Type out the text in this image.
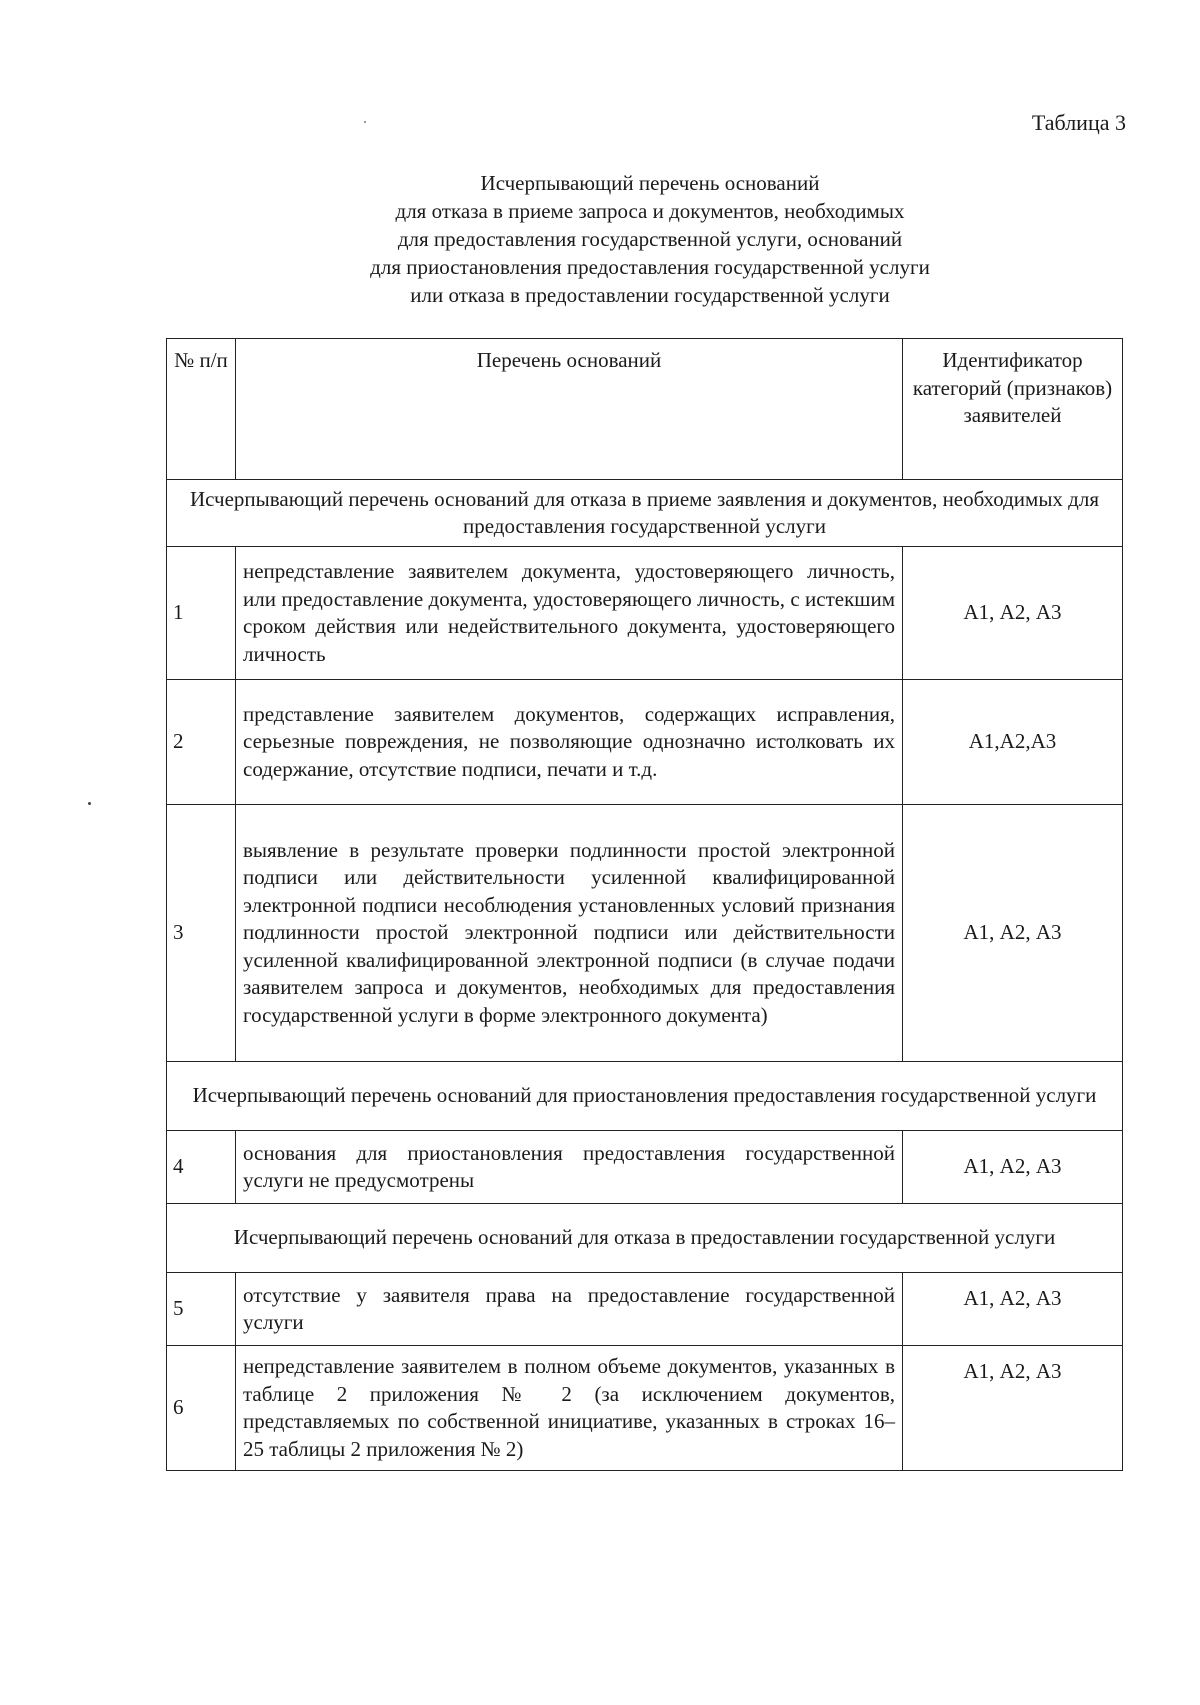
Таблица 3
Исчерпывающий перечень оснований
для отказа в приеме запроса и документов, необходимых
для предоставления государственной услуги, оснований
для приостановления предоставления государственной услуги
или отказа в предоставлении государственной услуги
№ п/п	Перечень оснований	Идентификатор категорий (признаков) заявителей
Исчерпывающий перечень оснований для отказа в приеме заявления и документов, необходимых для предоставления государственной услуги		
1	непредставление заявителем документа, удостоверяющего личность, или предоставление документа, удостоверяющего личность, с истекшим сроком действия или недействительного документа, удостоверяющего личность	А1, А2, А3
2	представление заявителем документов, содержащих исправления, серьезные повреждения, не позволяющие однозначно истолковать их содержание, отсутствие подписи, печати и т.д.	А1,А2,А3
3	выявление в результате проверки подлинности простой электронной подписи или действительности усиленной квалифицированной электронной подписи несоблюдения установленных условий признания подлинности простой электронной подписи или действительности усиленной квалифицированной электронной подписи (в случае подачи заявителем запроса и документов, необходимых для предоставления государственной услуги в форме электронного документа)	А1, А2, А3
Исчерпывающий перечень оснований для приостановления предоставления государственной услуги		
4	основания для приостановления предоставления государственной услуги не предусмотрены	А1, А2, А3
Исчерпывающий перечень оснований для отказа в предоставлении государственной услуги		
5	отсутствие у заявителя права на предоставление государственной услуги	А1, А2, А3
6	непредставление заявителем в полном объеме документов, указанных в таблице 2 приложения № 2 (за исключением документов, представляемых по собственной инициативе, указанных в строках 16–25 таблицы 2 приложения № 2)	А1, А2, А3
